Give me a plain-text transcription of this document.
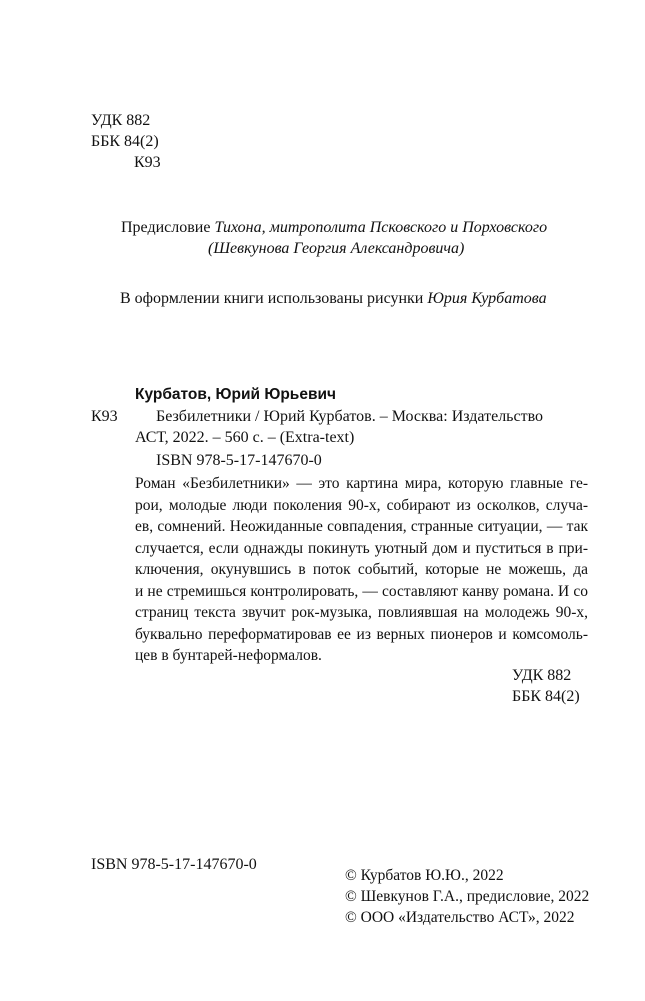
УДК 882
ББК 84(2)
К93
Предисловие Тихона, митрополита Псковского и Порховского
(Шевкунова Георгия Александровича)
В оформлении книги использованы рисунки Юрия Курбатова
Курбатов, Юрий Юрьевич
К93 Безбилетники / Юрий Курбатов. – Москва: Издательство
АСТ, 2022. – 560 с. – (Extra-text)
ISBN 978-5-17-147670-0
Роман «Безбилетники» — это картина мира, которую главные ге-
рои, молодые люди поколения 90-х, собирают из осколков, случа-
ев, сомнений. Неожиданные совпадения, странные ситуации, — так
случается, если однажды покинуть уютный дом и пуститься в при-
ключения, окунувшись в поток событий, которые не можешь, да
и не стремишься контролировать, — составляют канву романа. И со
страниц текста звучит рок-музыка, повлиявшая на молодежь 90-х,
буквально переформатировав ее из верных пионеров и комсомоль-
цев в бунтарей-неформалов.
УДК 882
ББК 84(2)
ISBN 978-5-17-147670-0
© Курбатов Ю.Ю., 2022
© Шевкунов Г.А., предисловие, 2022
© ООО «Издательство АСТ», 2022
